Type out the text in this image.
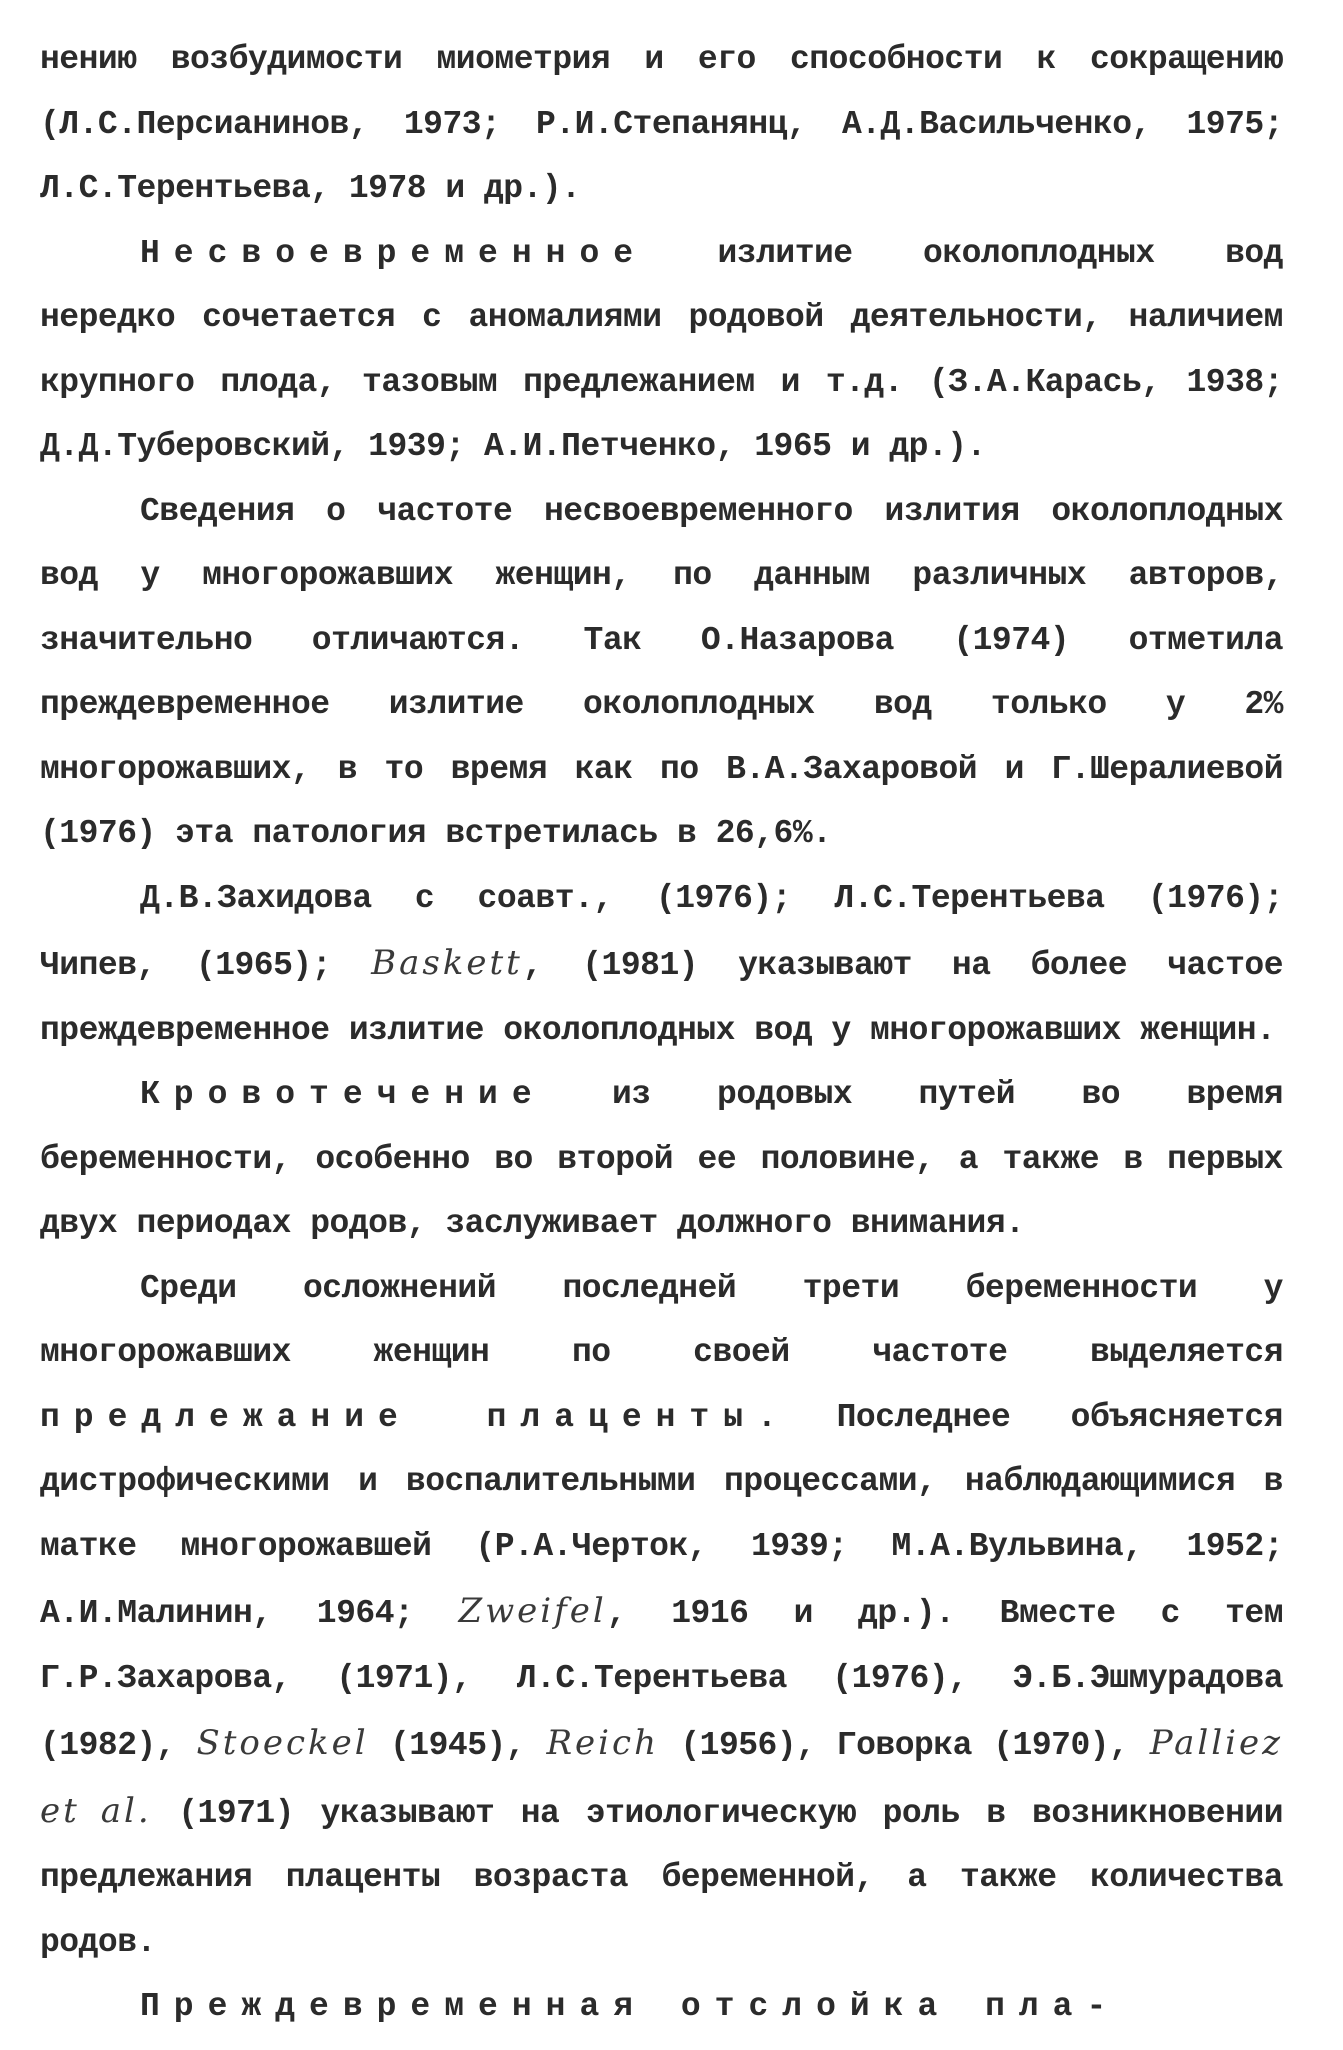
нению возбудимости миометрия и его способности к сокращению (Л.С.Персианинов, 1973; Р.И.Степанянц, А.Д.Васильченко, 1975; Л.С.Терентьева, 1978 и др.).

Несвоевременное излитие околоплодных вод нередко сочетается с аномалиями родовой деятельности, наличием крупного плода, тазовым предлежанием и т.д. (З.А.Карась, 1938; Д.Д.Туберовский, 1939; А.И.Петченко, 1965 и др.).

Сведения о частоте несвоевременного излития околоплодных вод у многорожавших женщин, по данным различных авторов, значительно отличаются. Так О.Назарова (1974) отметила преждевременное излитие околоплодных вод только у 2% многорожавших, в то время как по В.А.Захаровой и Г.Шералиевой (1976) эта патология встретилась в 26,6%.

Д.В.Захидова с соавт., (1976); Л.С.Терентьева (1976); Чипев, (1965); Baskett, (1981) указывают на более частое преждевременное излитие околоплодных вод у многорожавших женщин.

Кровотечение из родовых путей во время беременности, особенно во второй ее половине, а также в первых двух периодах родов, заслуживает должного внимания.

Среди осложнений последней трети беременности у многорожавших женщин по своей частоте выделяется предлежание плаценты. Последнее объясняется дистрофическими и воспалительными процессами, наблюдающимися в матке многорожавшей (Р.А.Черток, 1939; М.А.Вульвина, 1952; А.И.Малинин, 1964; Zweifel, 1916 и др.). Вместе с тем Г.Р.Захарова, (1971), Л.С.Терентьева (1976), Э.Б.Эшмурадова (1982), Stoeckel (1945), Reich (1956), Говорка (1970), Palliez et al. (1971) указывают на этиологическую роль в возникновении предлежания плаценты возраста беременной, а также количества родов.

Преждевременная отслойка пла-
